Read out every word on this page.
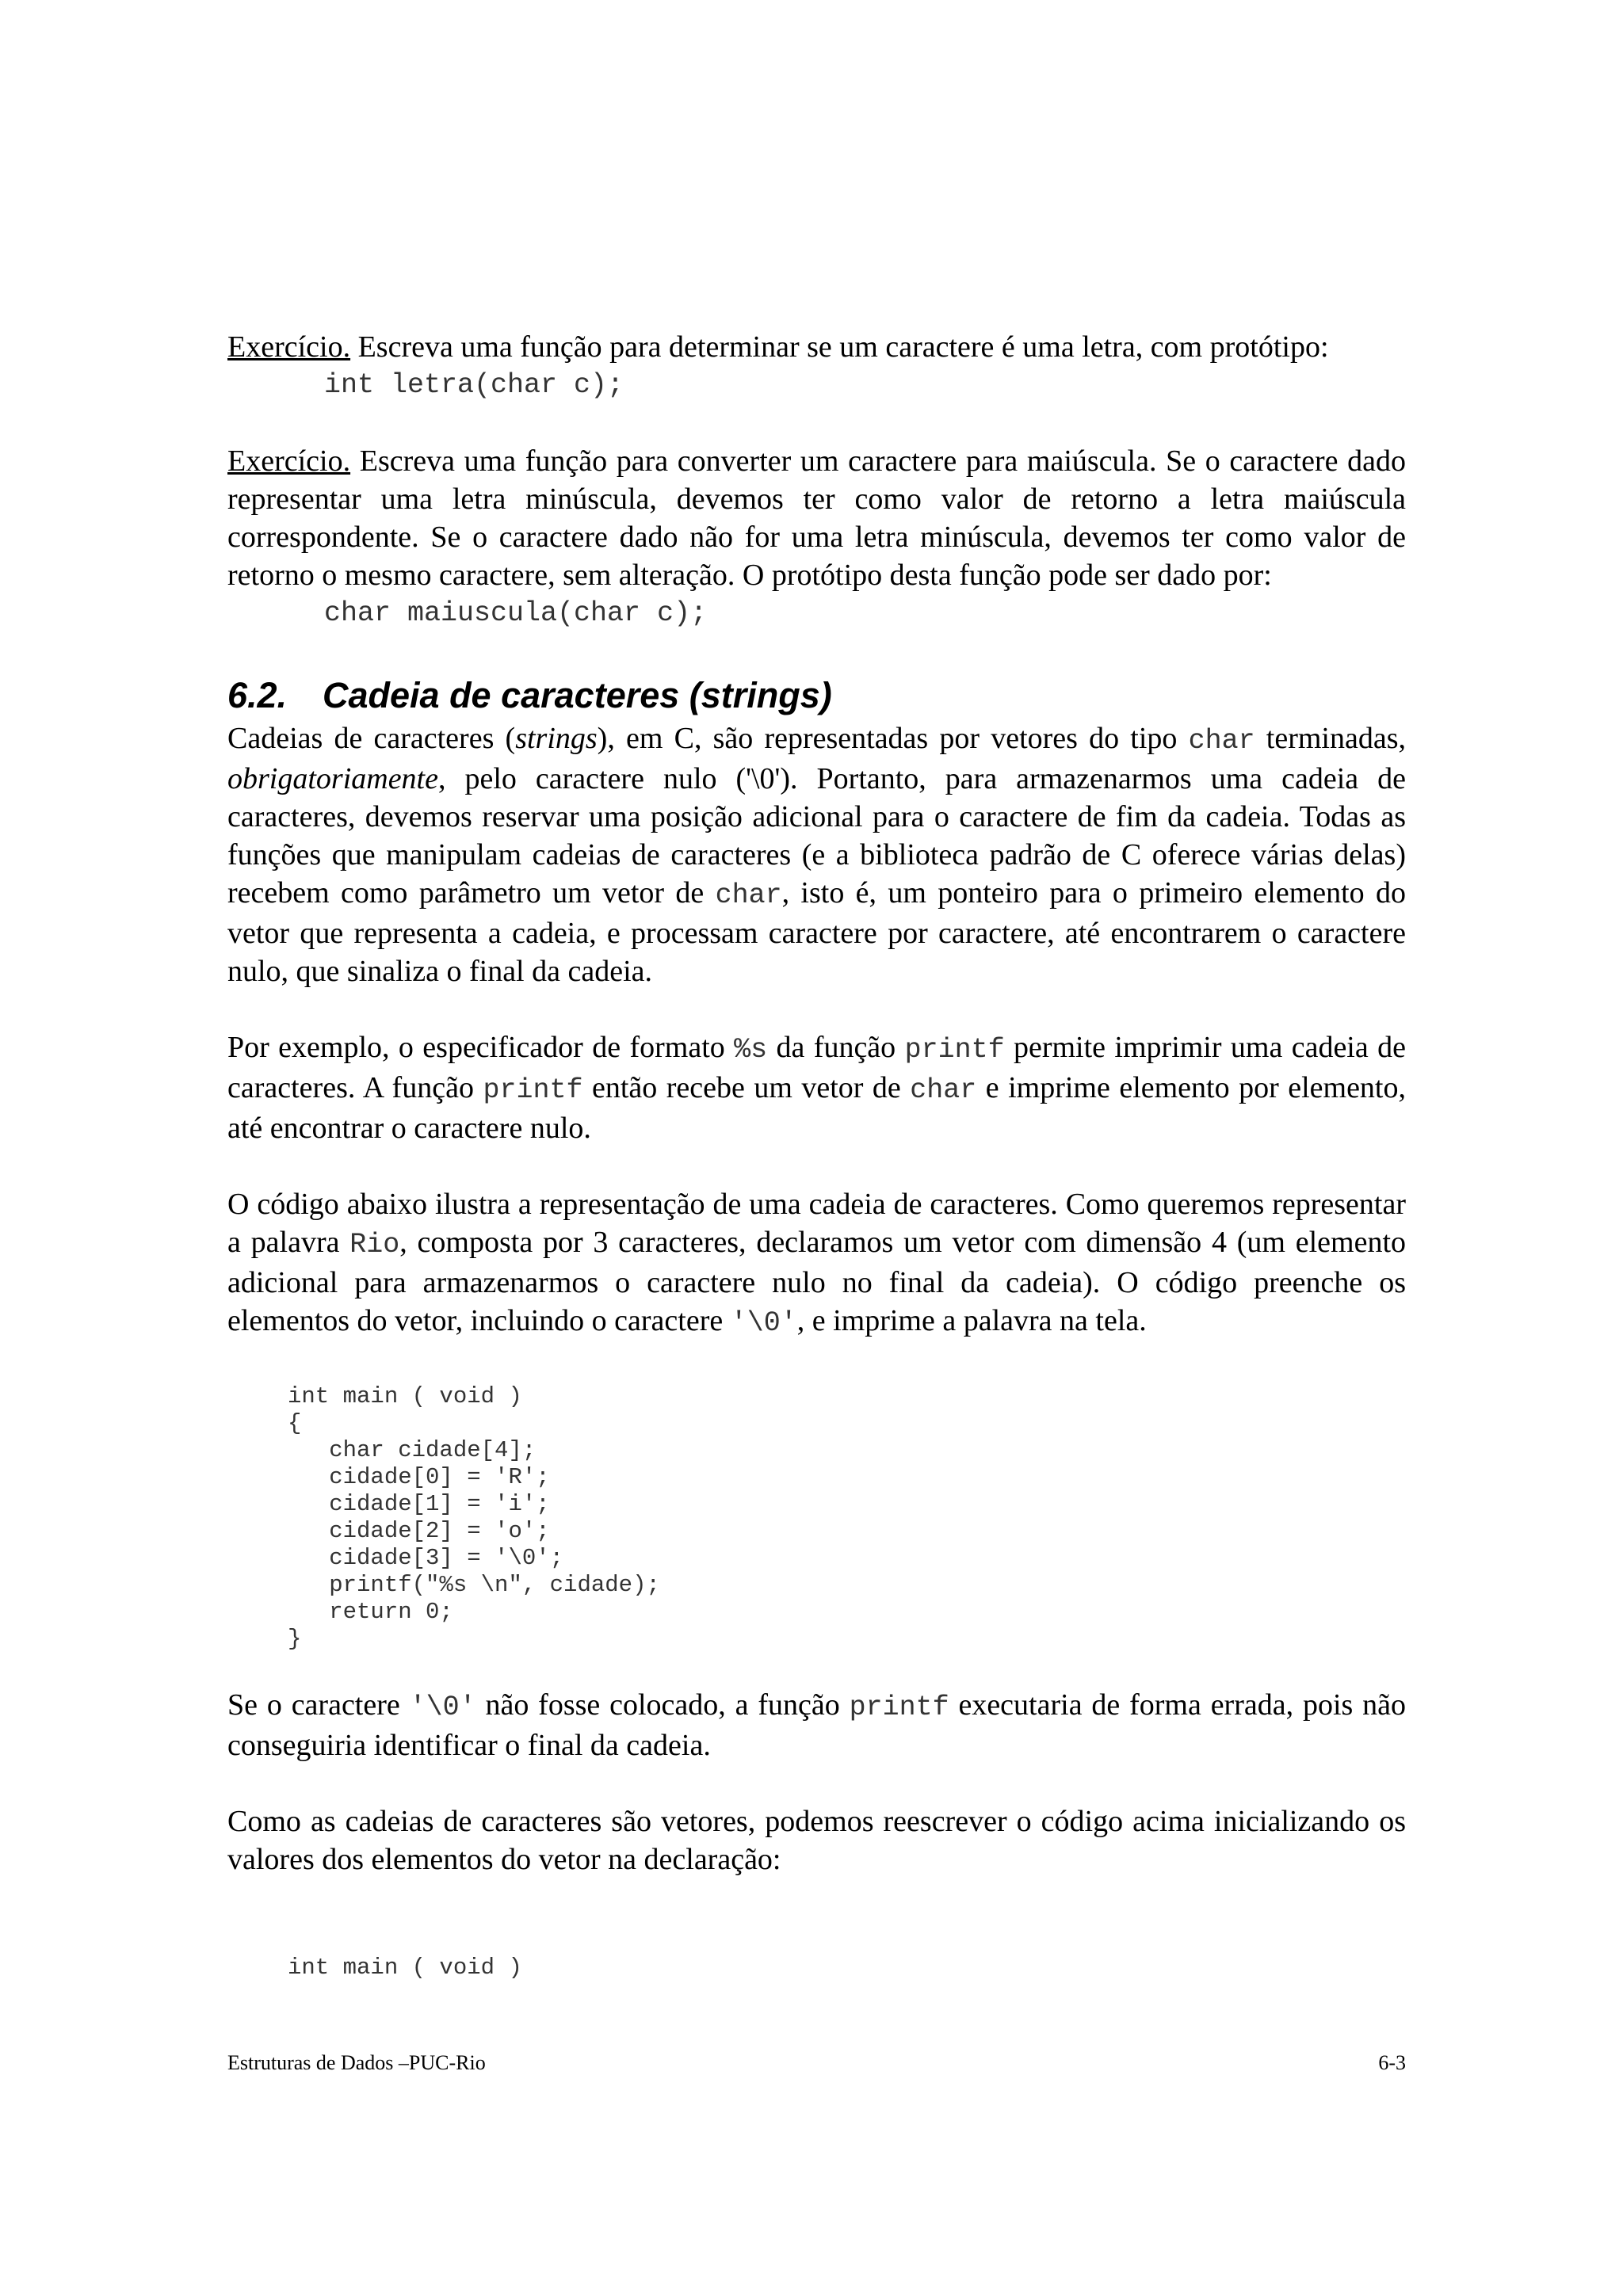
Exercício. Escreva uma função para determinar se um caractere é uma letra, com protótipo:

int letra(char c);

Exercício. Escreva uma função para converter um caractere para maiúscula. Se o caractere dado representar uma letra minúscula, devemos ter como valor de retorno a letra maiúscula correspondente. Se o caractere dado não for uma letra minúscula, devemos ter como valor de retorno o mesmo caractere, sem alteração. O protótipo desta função pode ser dado por:

char maiuscula(char c);

6.2. Cadeia de caracteres (strings)

Cadeias de caracteres (strings), em C, são representadas por vetores do tipo char terminadas, obrigatoriamente, pelo caractere nulo ('\0'). Portanto, para armazenarmos uma cadeia de caracteres, devemos reservar uma posição adicional para o caractere de fim da cadeia. Todas as funções que manipulam cadeias de caracteres (e a biblioteca padrão de C oferece várias delas) recebem como parâmetro um vetor de char, isto é, um ponteiro para o primeiro elemento do vetor que representa a cadeia, e processam caractere por caractere, até encontrarem o caractere nulo, que sinaliza o final da cadeia.

Por exemplo, o especificador de formato %s da função printf permite imprimir uma cadeia de caracteres. A função printf então recebe um vetor de char e imprime elemento por elemento, até encontrar o caractere nulo.

O código abaixo ilustra a representação de uma cadeia de caracteres. Como queremos representar a palavra Rio, composta por 3 caracteres, declaramos um vetor com dimensão 4 (um elemento adicional para armazenarmos o caractere nulo no final da cadeia). O código preenche os elementos do vetor, incluindo o caractere '\0', e imprime a palavra na tela.

int main ( void )
{
char cidade[4];
cidade[0] = 'R';
cidade[1] = 'i';
cidade[2] = 'o';
cidade[3] = '\0';
printf("%s \n", cidade);
return 0;
}

Se o caractere '\0' não fosse colocado, a função printf executaria de forma errada, pois não conseguiria identificar o final da cadeia.

Como as cadeias de caracteres são vetores, podemos reescrever o código acima inicializando os valores dos elementos do vetor na declaração:

int main ( void )
Estruturas de Dados –PUC-Rio	6-3
